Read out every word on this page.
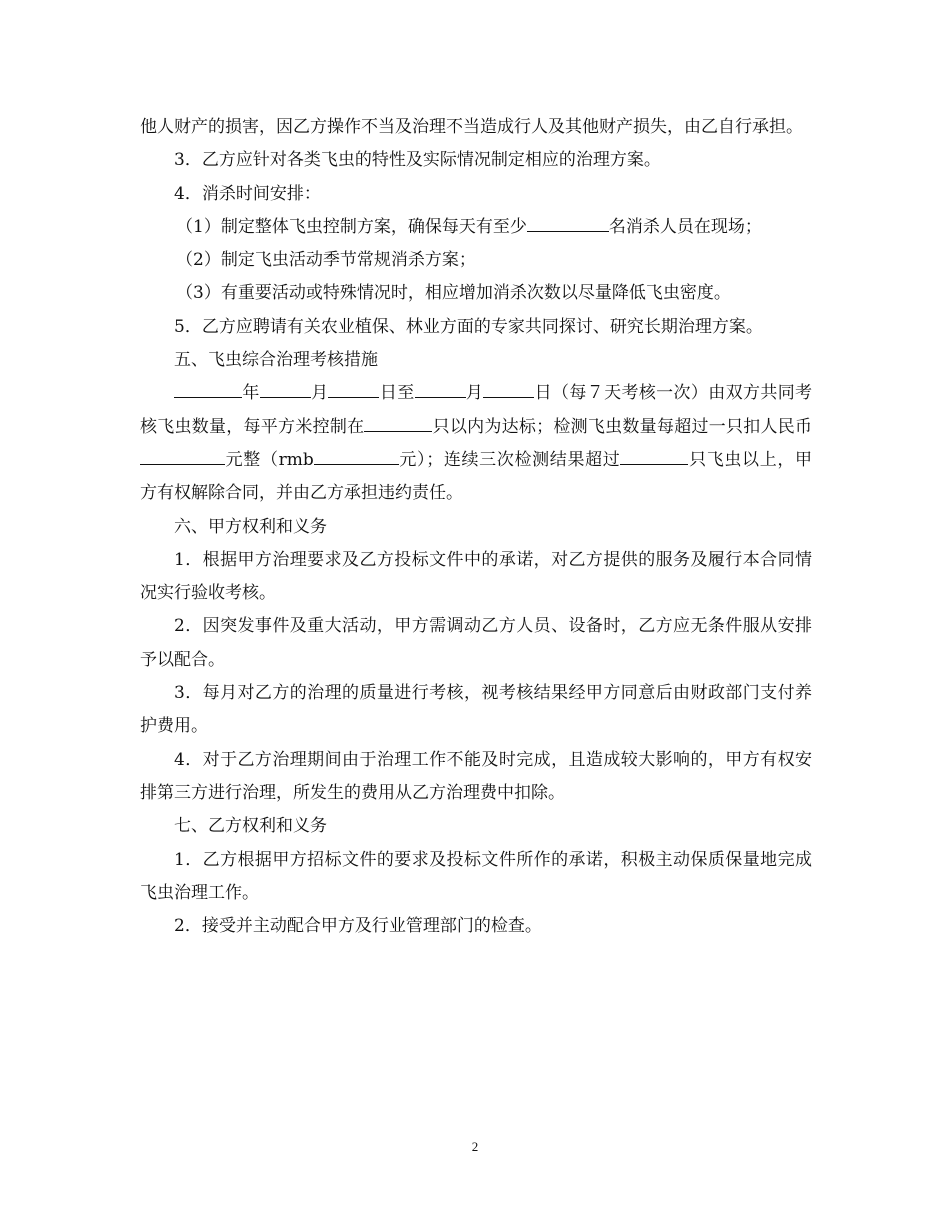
他人财产的损害，因乙方操作不当及治理不当造成行人及其他财产损失，由乙自行承担。

3．乙方应针对各类飞虫的特性及实际情况制定相应的治理方案。

4．消杀时间安排：

（1）制定整体飞虫控制方案，确保每天有至少	名消杀人员在现场；

（2）制定飞虫活动季节常规消杀方案；

（3）有重要活动或特殊情况时，相应增加消杀次数以尽量降低飞虫密度。

5．乙方应聘请有关农业植保、林业方面的专家共同探讨、研究长期治理方案。

五、飞虫综合治理考核措施

年	月	日至	月	日（每７天考核一次）由双方共同考核飞虫数量，每平方米控制在	只以内为达标；检测飞虫数量每超过一只扣人民币元整（rmb	元）；连续三次检测结果超过	只飞虫以上，甲方有权解除合同，并由乙方承担违约责任。

六、甲方权利和义务

1．根据甲方治理要求及乙方投标文件中的承诺，对乙方提供的服务及履行本合同情况实行验收考核。

2．因突发事件及重大活动，甲方需调动乙方人员、设备时，乙方应无条件服从安排予以配合。

3．每月对乙方的治理的质量进行考核，视考核结果经甲方同意后由财政部门支付养护费用。

4．对于乙方治理期间由于治理工作不能及时完成，且造成较大影响的，甲方有权安排第三方进行治理，所发生的费用从乙方治理费中扣除。

七、乙方权利和义务

1．乙方根据甲方招标文件的要求及投标文件所作的承诺，积极主动保质保量地完成飞虫治理工作。

2．接受并主动配合甲方及行业管理部门的检查。

2
